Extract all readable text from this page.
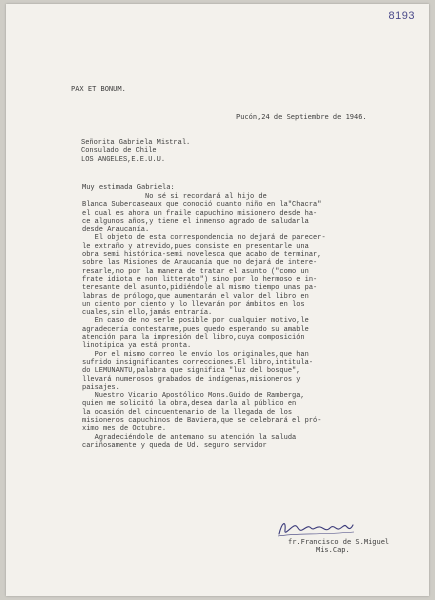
8193
PAX ET BONUM.
Pucón,24 de Septiembre de 1946.
Señorita Gabriela Mistral.
Consulado de Chile
LOS ANGELES,E.E.U.U.
Muy estimada Gabriela:
No sé si recordará al hijo de
Blanca Subercaseaux que conoció cuanto niño en la"Chacra"
el cual es ahora un fraile capuchino misionero desde ha-
ce algunos años,y tiene el inmenso agrado de saludarla
desde Araucanía.
El objeto de esta correspondencia no dejará de parecer-
le extraño y atrevido,pues consiste en presentarle una
obra semi histórica-semi novelesca que acabo de terminar,
sobre las Misiones de Araucanía que no dejará de intere-
resarle,no por la manera de tratar el asunto ("como un
frate idiota e non litterato") sino por lo hermoso e in-
teresante del asunto,pidiéndole al mismo tiempo unas pa-
labras de prólogo,que aumentarán el valor del libro en
un ciento por ciento y lo llevarán por ámbitos en los
cuales,sin ello,jamás entraría.
En caso de no serle posible por cualquier motivo,le
agradecería contestarme,pues quedo esperando su amable
atención para la impresión del libro,cuya composición
linotípica ya está pronta.
Por el mismo correo le envío los originales,que han
sufrido insignificantes correcciones.El libro,intitula-
do LEMUNANTU,palabra que significa "luz del bosque",
llevará numerosos grabados de indígenas,misioneros y
paisajes.
Nuestro Vicario Apostólico Mons.Guido de Ramberga,
quien me solicitó la obra,desea darla al público en
la ocasión del cincuentenario de la llegada de los
misioneros capuchinos de Baviera,que se celebrará el pró-
ximo mes de Octubre.
Agradeciéndole de antemano su atención la saluda
cariñosamente y queda de Ud. seguro servidor
fr.Francisco de S.Miguel
Mis.Cap.
